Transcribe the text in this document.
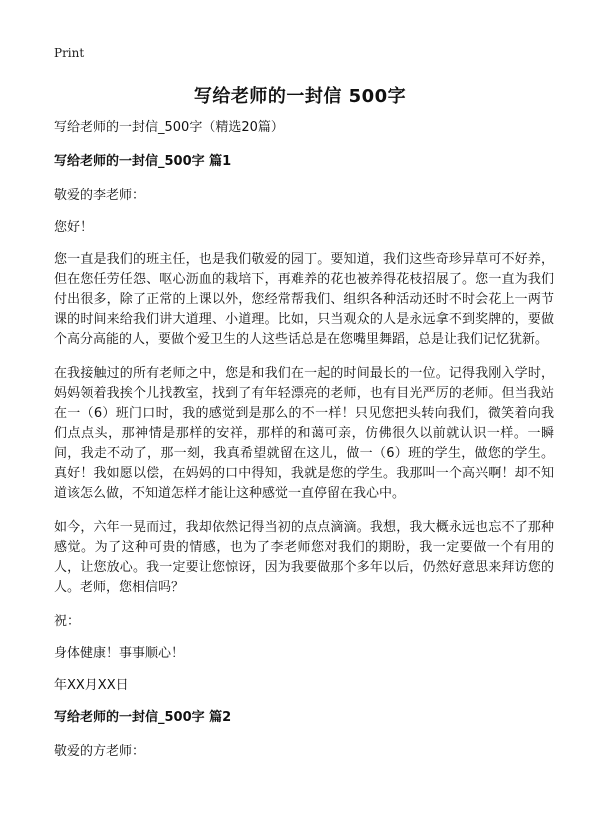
Print
写给老师的一封信 500字

写给老师的一封信_500字（精选20篇）

写给老师的一封信_500字 篇1

敬爱的李老师：

您好！

您一直是我们的班主任，也是我们敬爱的园丁。要知道，我们这些奇珍异草可不好养，但在您任劳任怨、呕心沥血的栽培下，再难养的花也被养得花枝招展了。您一直为我们付出很多，除了正常的上课以外，您经常帮我们、组织各种活动还时不时会花上一两节课的时间来给我们讲大道理、小道理。比如，只当观众的人是永远拿不到奖牌的，要做个高分高能的人，要做个爱卫生的人这些话总是在您嘴里舞蹈，总是让我们记忆犹新。

在我接触过的所有老师之中，您是和我们在一起的时间最长的一位。记得我刚入学时，妈妈领着我挨个儿找教室，找到了有年轻漂亮的老师，也有目光严厉的老师。但当我站在一（6）班门口时，我的感觉到是那么的不一样！只见您把头转向我们，微笑着向我们点点头，那神情是那样的安祥，那样的和蔼可亲，仿佛很久以前就认识一样。一瞬间，我走不动了，那一刻，我真希望就留在这儿，做一（6）班的学生，做您的学生。真好！我如愿以偿，在妈妈的口中得知，我就是您的学生。我那叫一个高兴啊！却不知道该怎么做，不知道怎样才能让这种感觉一直停留在我心中。

如今，六年一晃而过，我却依然记得当初的点点滴滴。我想，我大概永远也忘不了那种感觉。为了这种可贵的情感，也为了李老师您对我们的期盼，我一定要做一个有用的人，让您放心。我一定要让您惊讶，因为我要做那个多年以后，仍然好意思来拜访您的人。老师，您相信吗？

祝：

身体健康！事事顺心！

年XX月XX日

写给老师的一封信_500字 篇2

敬爱的方老师：
